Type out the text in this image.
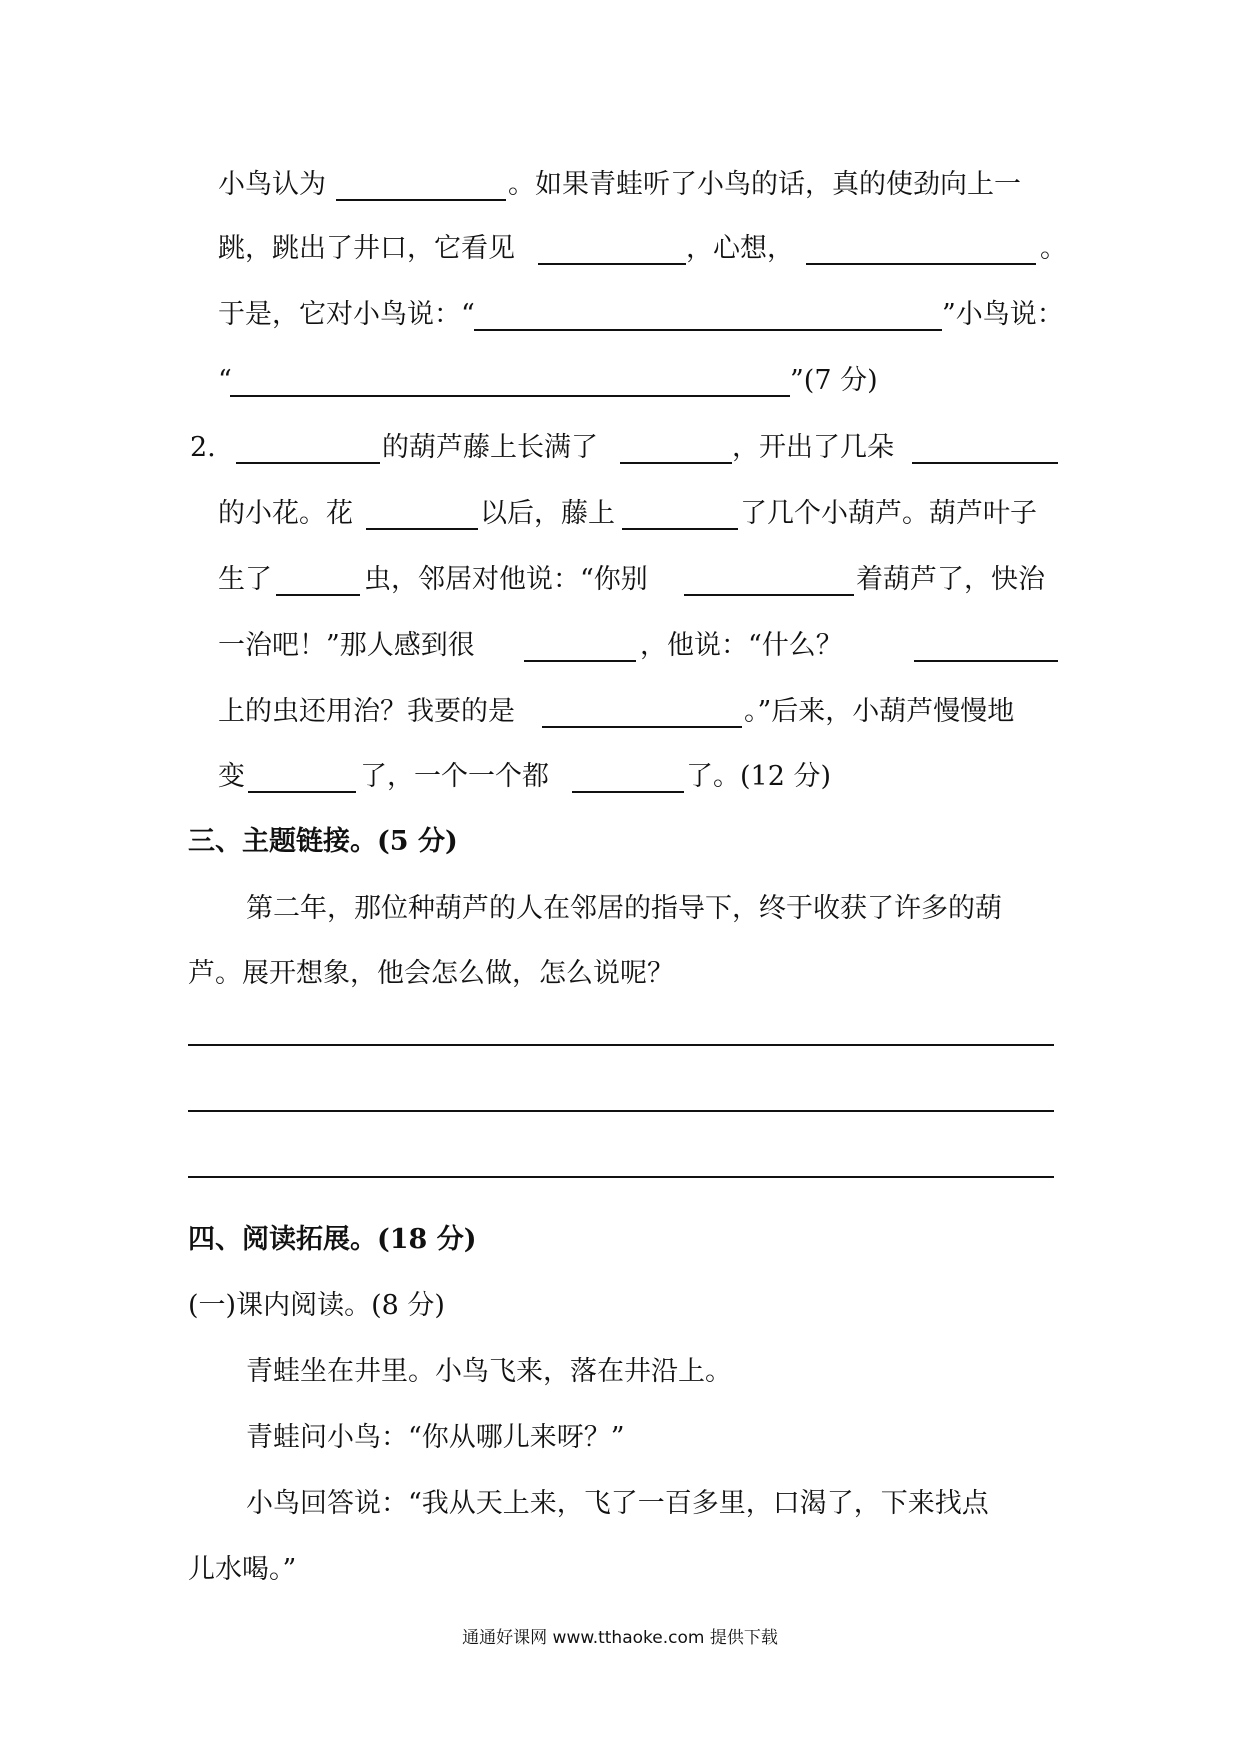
小鸟认为	。如果青蛙听了小鸟的话，真的使劲向上一
跳，跳出了井口，它看见	，心想，	。
于是，它对小鸟说：“	”小鸟说：
“	”(7 分)
2.	的葫芦藤上长满了	，开出了几朵
的小花。花	以后，藤上	了几个小葫芦。葫芦叶子
生了	虫，邻居对他说：“你别	着葫芦了，快治
一治吧！”那人感到很	，他说：“什么？
上的虫还用治？我要的是	。”后来，小葫芦慢慢地
变	了，一个一个都	了。(12 分)
三、主题链接。(5 分)
第二年，那位种葫芦的人在邻居的指导下，终于收获了许多的葫
芦。展开想象，他会怎么做，怎么说呢？
四、阅读拓展。(18 分)
(一)课内阅读。(8 分)
青蛙坐在井里。小鸟飞来，落在井沿上。
青蛙问小鸟：“你从哪儿来呀？”
小鸟回答说：“我从天上来，飞了一百多里，口渴了，下来找点
儿水喝。”
通通好课网 www.tthaoke.com 提供下载
